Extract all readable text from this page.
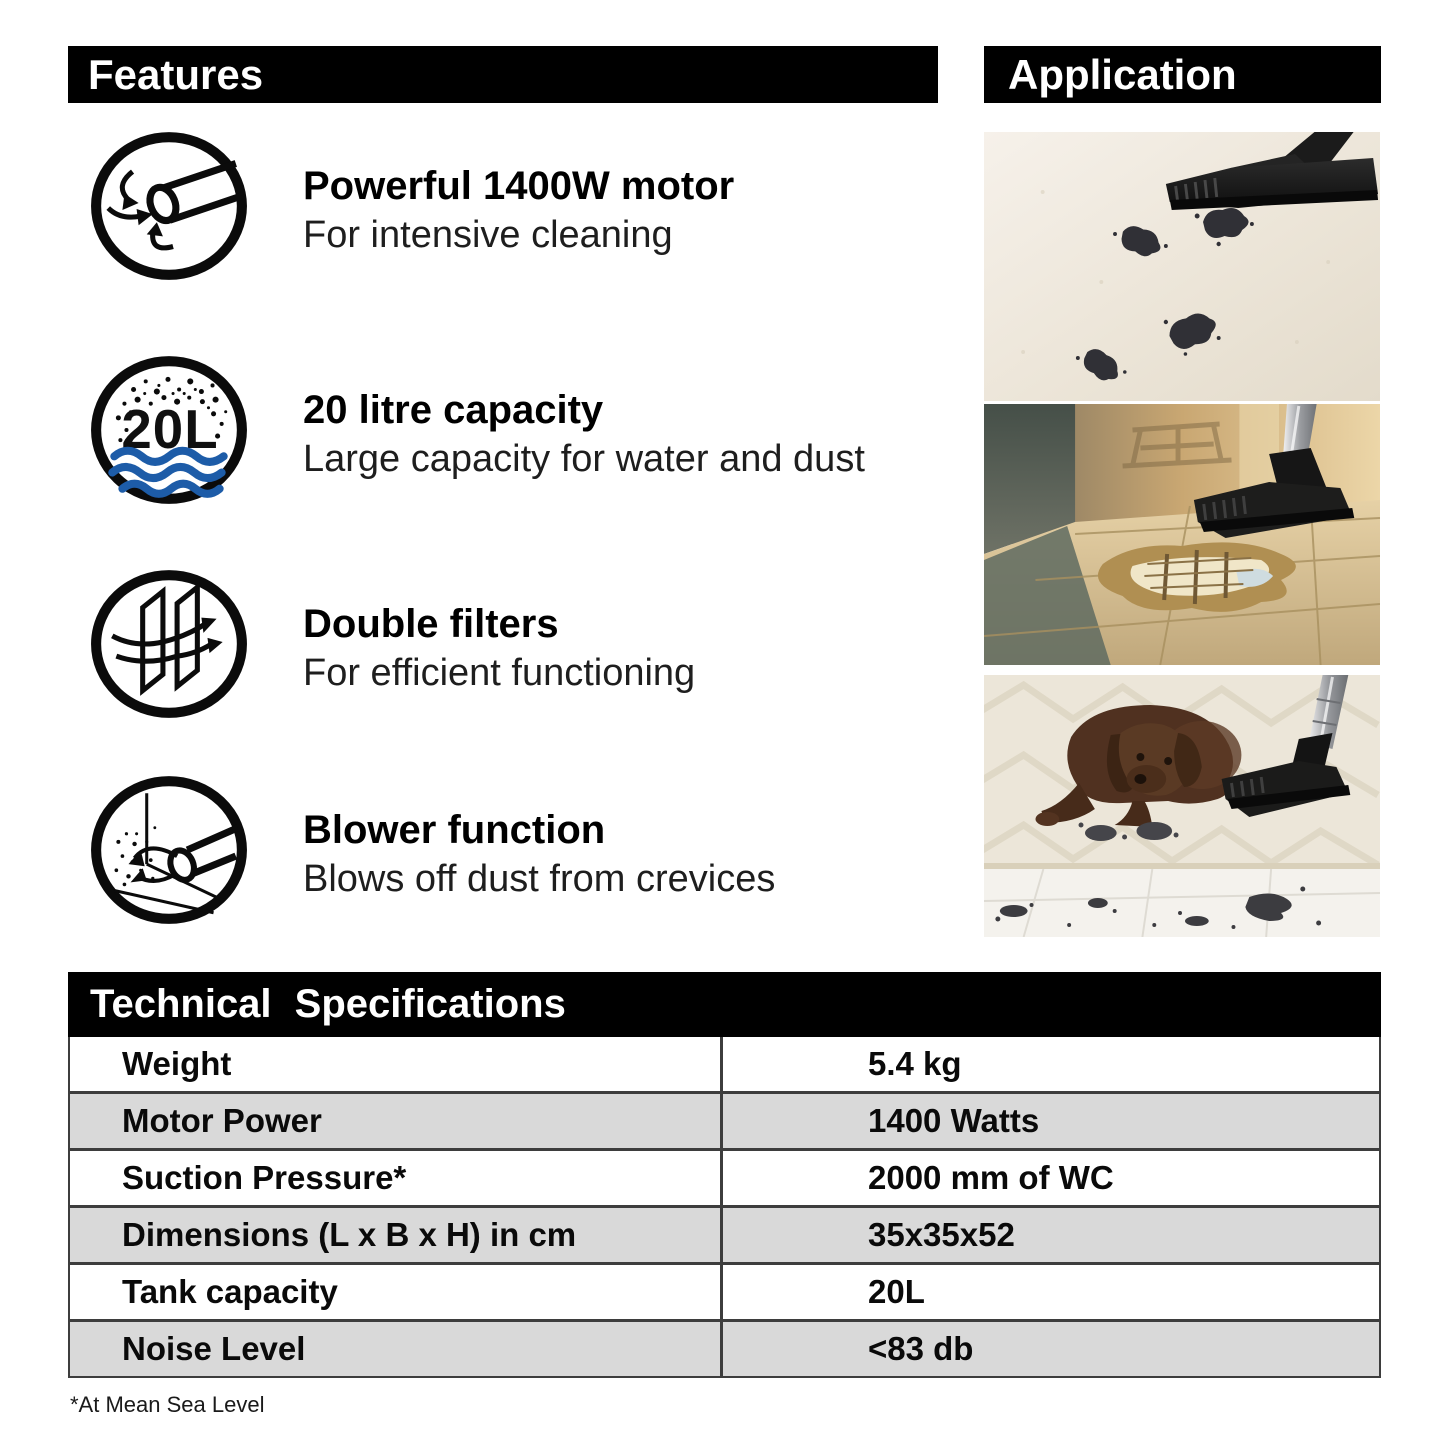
Features	Application
Powerful 1400W motor
For intensive cleaning
20L 20 litre capacity
Large capacity for water and dust
Double filters
For efficient functioning
Blower function
Blows off dust from crevices
Technical Specifications
Weight	5.4 kg
Motor Power	1400 Watts
Suction Pressure*	2000 mm of WC
Dimensions (L x B x H) in cm	35x35x52
Tank capacity	20L
Noise Level	<83 db
*At Mean Sea Level
